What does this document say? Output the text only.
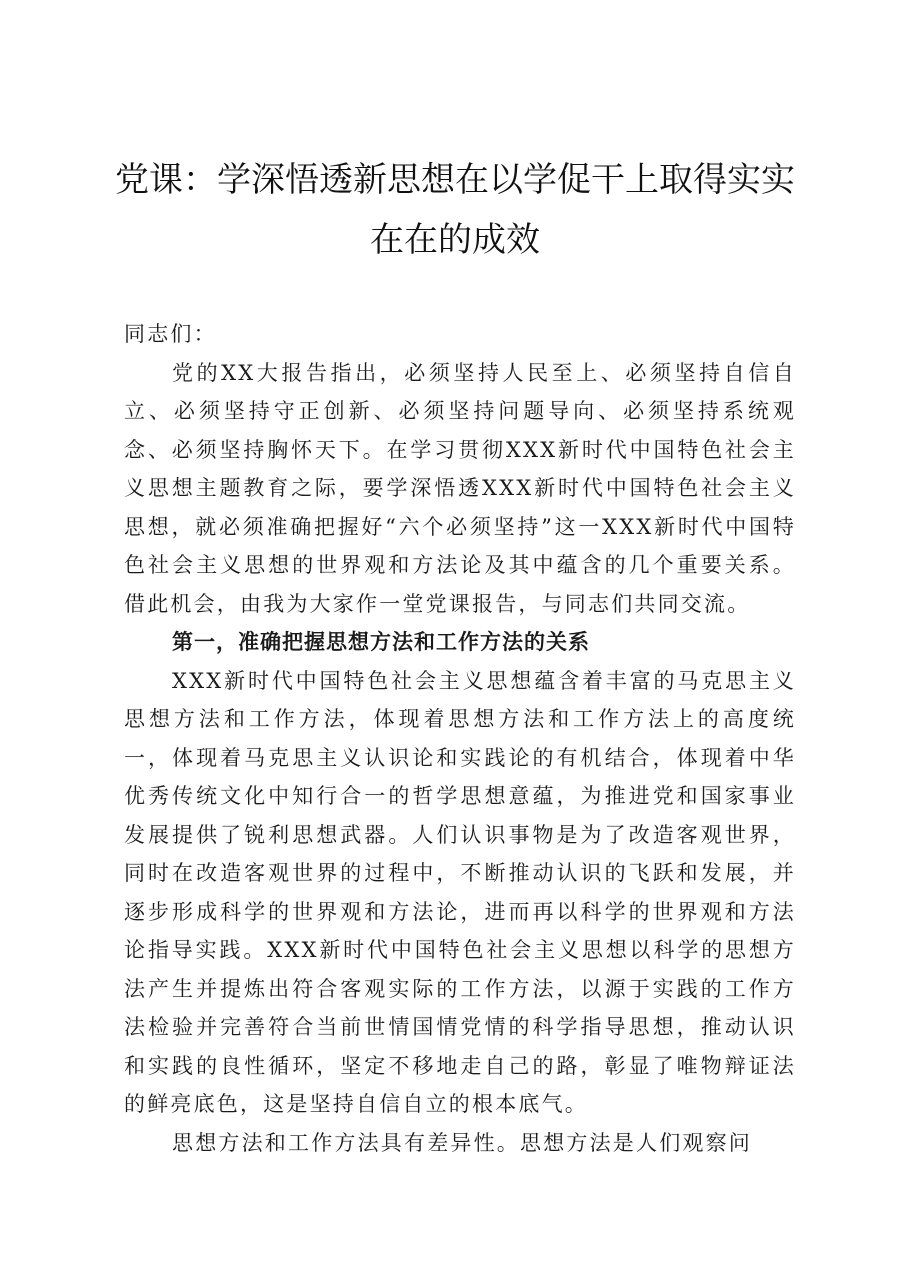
党课：学深悟透新思想在以学促干上取得实实
在在的成效

同志们：

党的XX大报告指出，必须坚持人民至上、必须坚持自信自立、必须坚持守正创新、必须坚持问题导向、必须坚持系统观念、必须坚持胸怀天下。在学习贯彻XXX新时代中国特色社会主义思想主题教育之际，要学深悟透XXX新时代中国特色社会主义思想，就必须准确把握好“六个必须坚持”这一XXX新时代中国特色社会主义思想的世界观和方法论及其中蕴含的几个重要关系。借此机会，由我为大家作一堂党课报告，与同志们共同交流。

第一，准确把握思想方法和工作方法的关系

XXX新时代中国特色社会主义思想蕴含着丰富的马克思主义思想方法和工作方法，体现着思想方法和工作方法上的高度统一，体现着马克思主义认识论和实践论的有机结合，体现着中华优秀传统文化中知行合一的哲学思想意蕴，为推进党和国家事业发展提供了锐利思想武器。人们认识事物是为了改造客观世界，同时在改造客观世界的过程中，不断推动认识的飞跃和发展，并逐步形成科学的世界观和方法论，进而再以科学的世界观和方法论指导实践。XXX新时代中国特色社会主义思想以科学的思想方法产生并提炼出符合客观实际的工作方法，以源于实践的工作方法检验并完善符合当前世情国情党情的科学指导思想，推动认识和实践的良性循环，坚定不移地走自己的路，彰显了唯物辩证法的鲜亮底色，这是坚持自信自立的根本底气。

思想方法和工作方法具有差异性。思想方法是人们观察问
